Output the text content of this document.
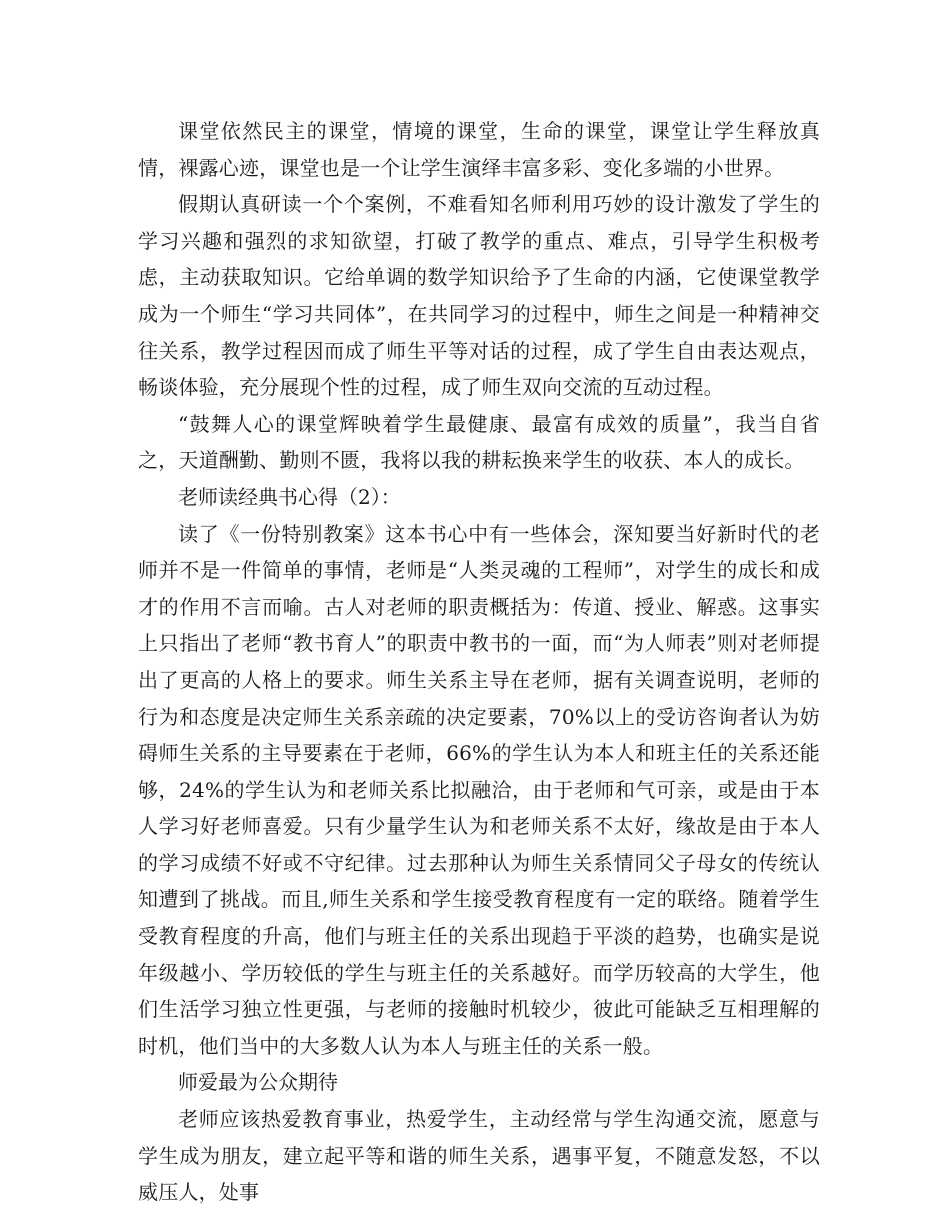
课堂依然民主的课堂，情境的课堂，生命的课堂，课堂让学生释放真情，裸露心迹，课堂也是一个让学生演绎丰富多彩、变化多端的小世界。

假期认真研读一个个案例，不难看知名师利用巧妙的设计激发了学生的学习兴趣和强烈的求知欲望，打破了教学的重点、难点，引导学生积极考虑，主动获取知识。它给单调的数学知识给予了生命的内涵，它使课堂教学成为一个师生“学习共同体”，在共同学习的过程中，师生之间是一种精神交往关系，教学过程因而成了师生平等对话的过程，成了学生自由表达观点，畅谈体验，充分展现个性的过程，成了师生双向交流的互动过程。

“鼓舞人心的课堂辉映着学生最健康、最富有成效的质量”，我当自省之，天道酬勤、勤则不匮，我将以我的耕耘换来学生的收获、本人的成长。

老师读经典书心得（2）：

读了《一份特别教案》这本书心中有一些体会，深知要当好新时代的老师并不是一件简单的事情，老师是“人类灵魂的工程师”，对学生的成长和成才的作用不言而喻。古人对老师的职责概括为：传道、授业、解惑。这事实上只指出了老师“教书育人”的职责中教书的一面，而“为人师表”则对老师提出了更高的人格上的要求。师生关系主导在老师，据有关调查说明，老师的行为和态度是决定师生关系亲疏的决定要素，70%以上的受访咨询者认为妨碍师生关系的主导要素在于老师，66%的学生认为本人和班主任的关系还能够，24%的学生认为和老师关系比拟融洽，由于老师和气可亲，或是由于本人学习好老师喜爱。只有少量学生认为和老师关系不太好，缘故是由于本人的学习成绩不好或不守纪律。过去那种认为师生关系情同父子母女的传统认知遭到了挑战。而且,师生关系和学生接受教育程度有一定的联络。随着学生受教育程度的升高，他们与班主任的关系出现趋于平淡的趋势，也确实是说年级越小、学历较低的学生与班主任的关系越好。而学历较高的大学生，他们生活学习独立性更强，与老师的接触时机较少，彼此可能缺乏互相理解的时机，他们当中的大多数人认为本人与班主任的关系一般。

师爱最为公众期待

老师应该热爱教育事业，热爱学生，主动经常与学生沟通交流，愿意与学生成为朋友，建立起平等和谐的师生关系，遇事平复，不随意发怒，不以威压人，处事
